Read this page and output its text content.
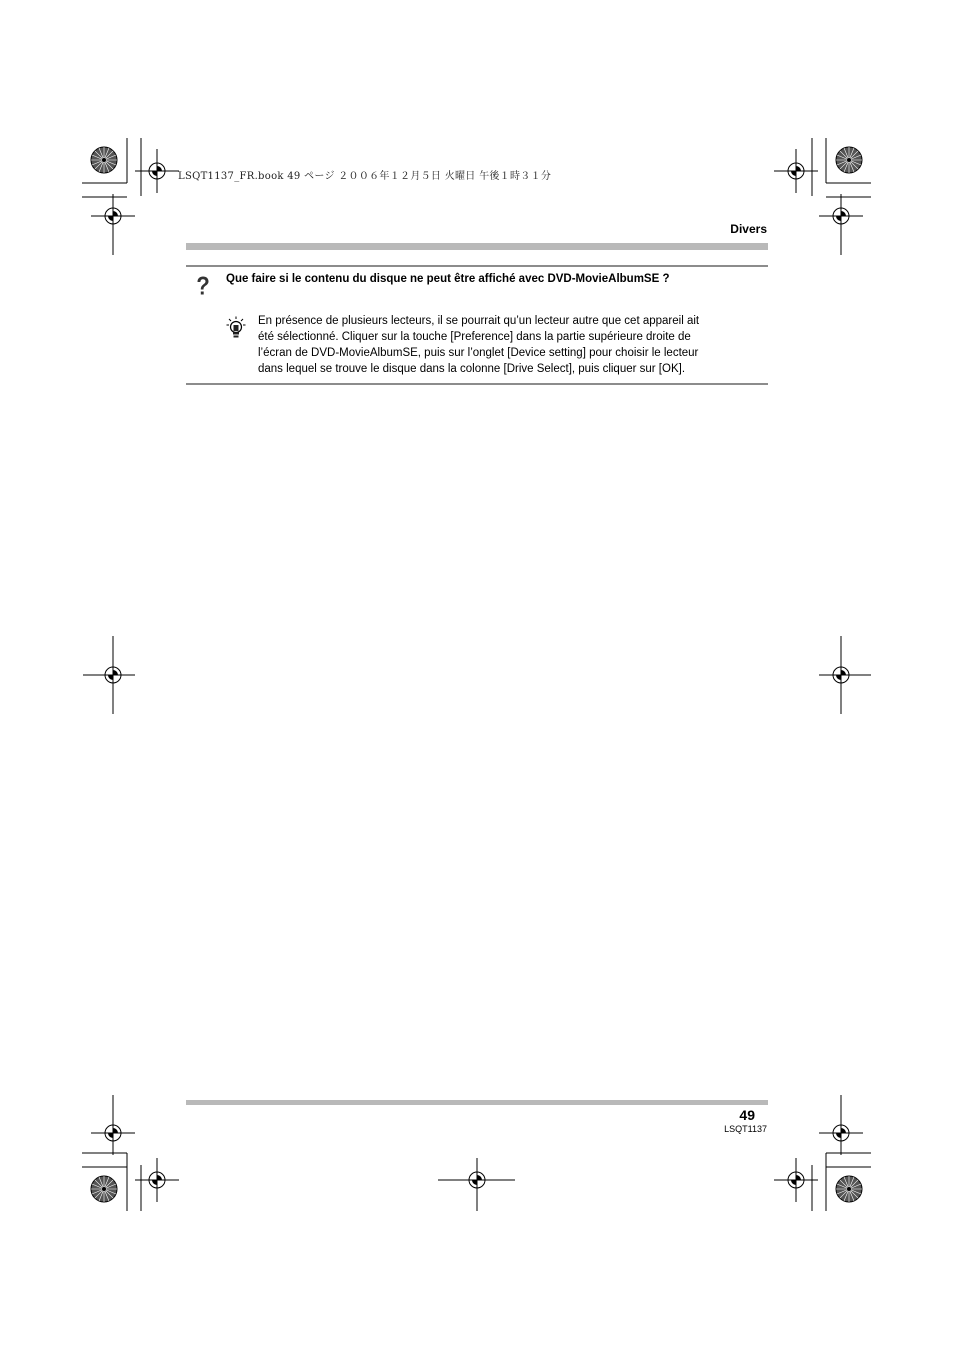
LSQT1137_FR.book 49 ページ ２００６年１２月５日 火曜日 午後１時３１分
Divers
Que faire si le contenu du disque ne peut être affiché avec DVD-MovieAlbumSE ?
En présence de plusieurs lecteurs, il se pourrait qu’un lecteur autre que cet appareil ait
été sélectionné. Cliquer sur la touche [Preference] dans la partie supérieure droite de
l’écran de DVD-MovieAlbumSE, puis sur l’onglet [Device setting] pour choisir le lecteur
dans lequel se trouve le disque dans la colonne [Drive Select], puis cliquer sur [OK].
49
LSQT1137
